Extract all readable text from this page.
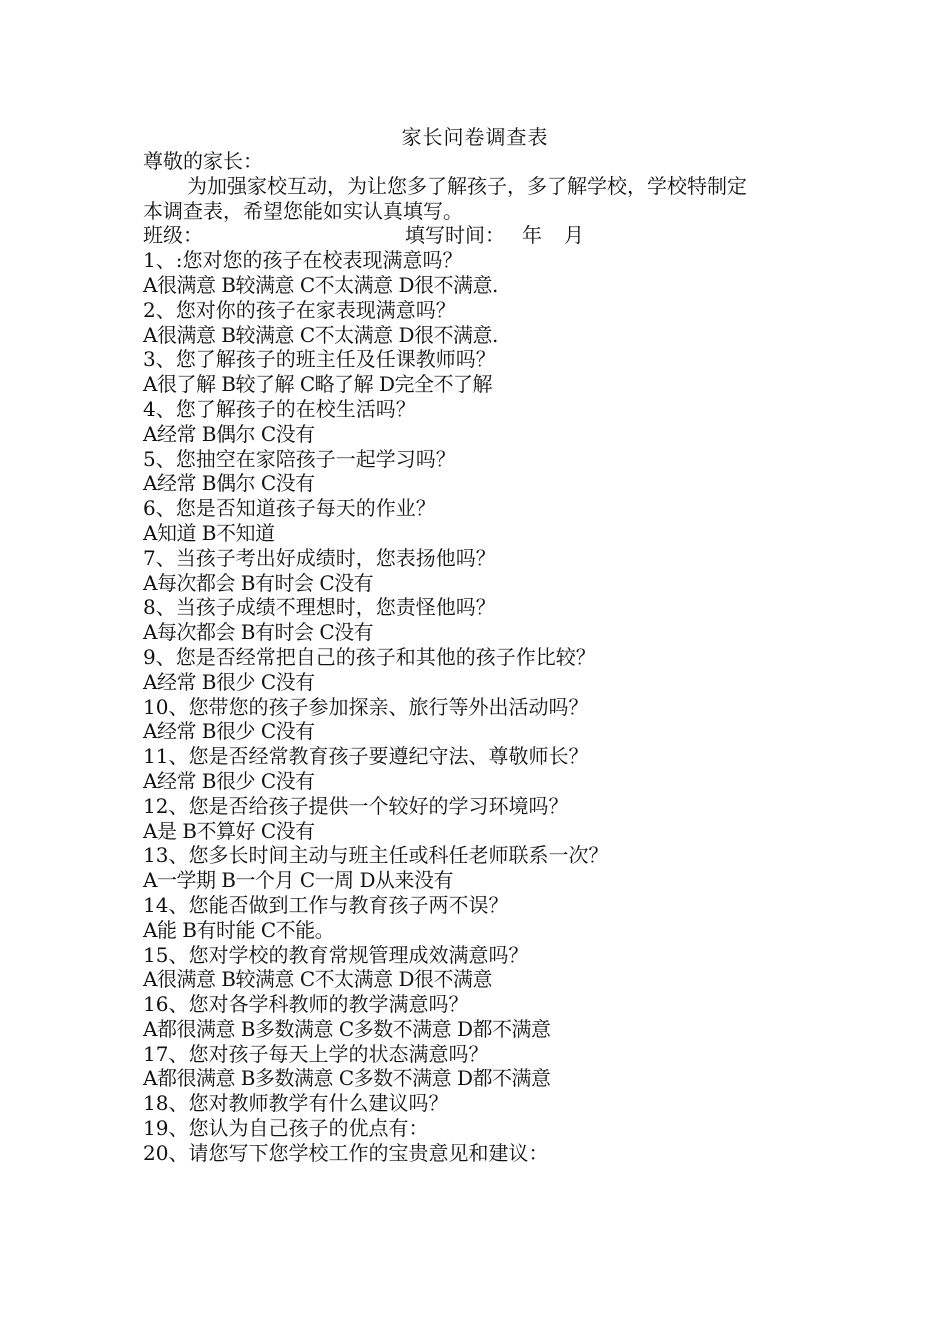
家长问卷调查表
尊敬的家长：
为加强家校互动，为让您多了解孩子，多了解学校，学校特制定
本调查表，希望您能如实认真填写。
班级：	填写时间： 年	月
1、:您对您的孩子在校表现满意吗？
A很满意 B较满意 C不太满意 D很不满意.
2、您对你的孩子在家表现满意吗？
A很满意 B较满意 C不太满意 D很不满意.
3、您了解孩子的班主任及任课教师吗？
A很了解 B较了解 C略了解 D完全不了解
4、您了解孩子的在校生活吗？
A经常 B偶尔 C没有
5、您抽空在家陪孩子一起学习吗？
A经常 B偶尔 C没有
6、您是否知道孩子每天的作业？
A知道 B不知道
7、当孩子考出好成绩时，您表扬他吗？
A每次都会 B有时会 C没有
8、当孩子成绩不理想时，您责怪他吗？
A每次都会 B有时会 C没有
9、您是否经常把自己的孩子和其他的孩子作比较？
A经常 B很少 C没有
10、您带您的孩子参加探亲、旅行等外出活动吗？
A经常 B很少 C没有
11、您是否经常教育孩子要遵纪守法、尊敬师长？
A经常 B很少 C没有
12、您是否给孩子提供一个较好的学习环境吗？
A是 B不算好 C没有
13、您多长时间主动与班主任或科任老师联系一次？
A一学期 B一个月 C一周 D从来没有
14、您能否做到工作与教育孩子两不误？
A能 B有时能 C不能。
15、您对学校的教育常规管理成效满意吗？
A很满意 B较满意 C不太满意 D很不满意
16、您对各学科教师的教学满意吗？
A都很满意 B多数满意 C多数不满意 D都不满意
17、您对孩子每天上学的状态满意吗？
A都很满意 B多数满意 C多数不满意 D都不满意
18、您对教师教学有什么建议吗？
19、您认为自己孩子的优点有：
20、请您写下您学校工作的宝贵意见和建议：
